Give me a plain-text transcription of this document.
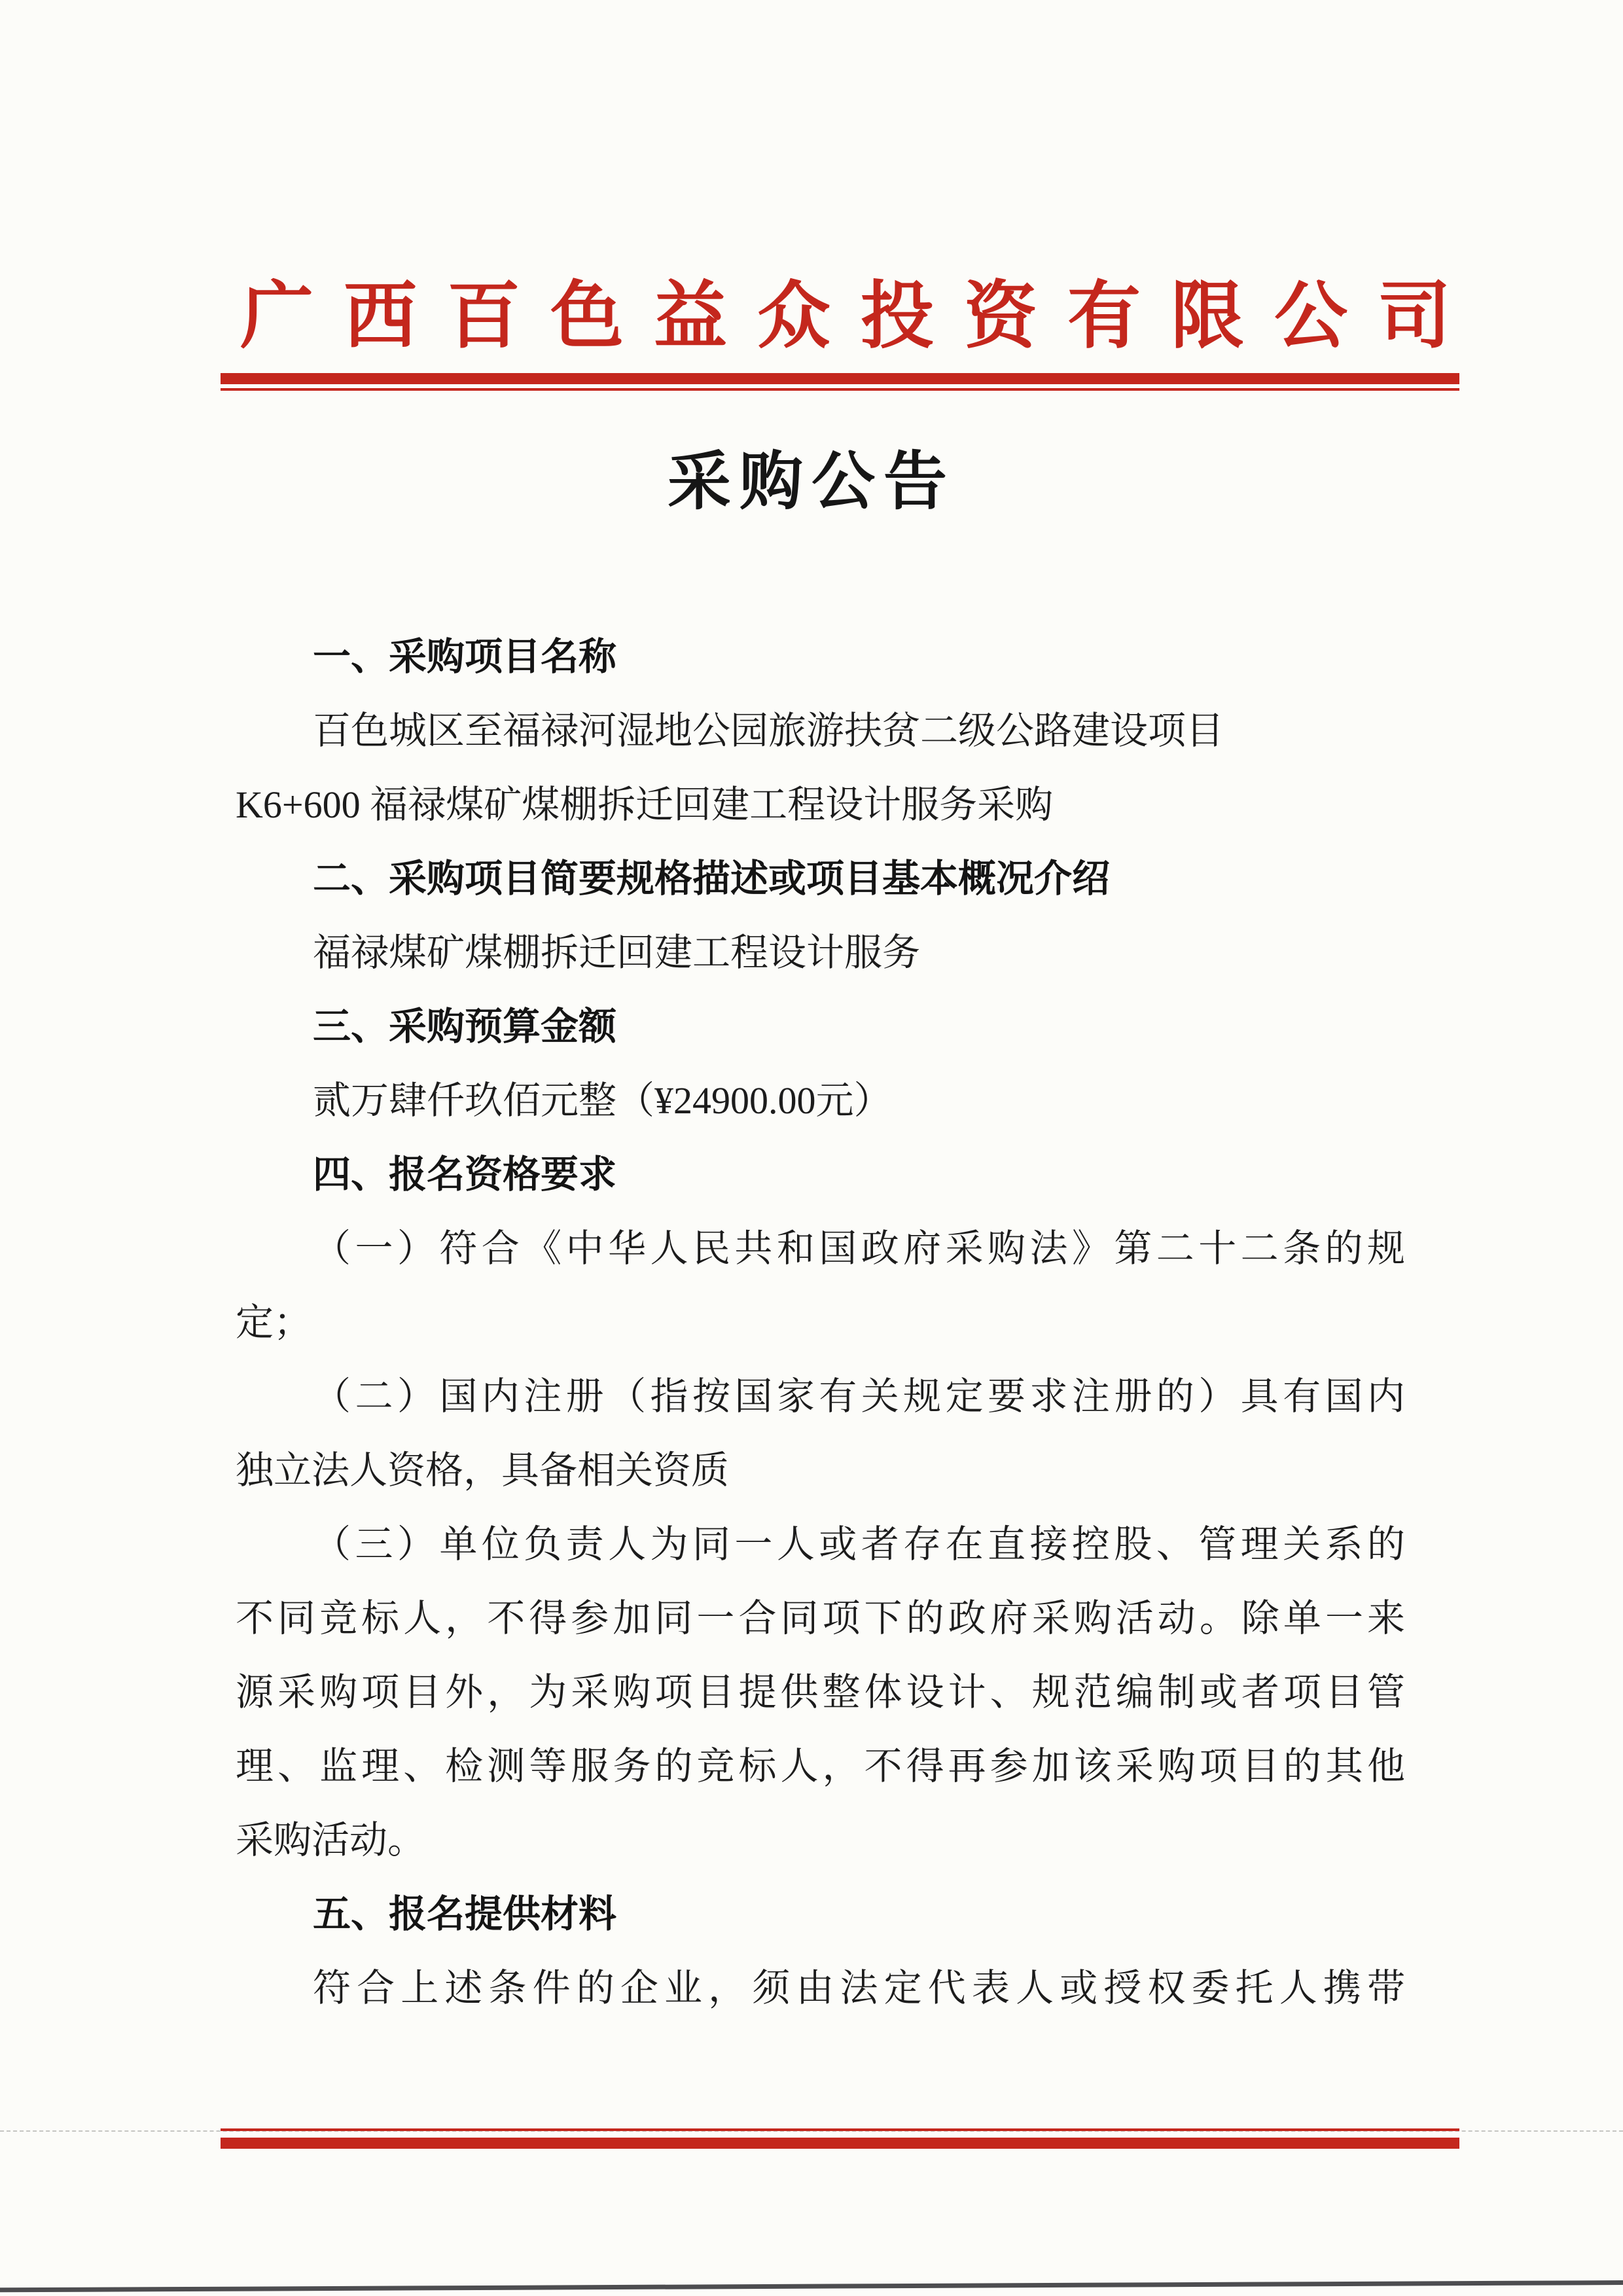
广西百色益众投资有限公司
采购公告
一、采购项目名称
百色城区至福禄河湿地公园旅游扶贫二级公路建设项目
K6+600 福禄煤矿煤棚拆迁回建工程设计服务采购
二、采购项目简要规格描述或项目基本概况介绍
福禄煤矿煤棚拆迁回建工程设计服务
三、采购预算金额
贰万肆仟玖佰元整（¥24900.00元）
四、报名资格要求
（一）符合《中华人民共和国政府采购法》第二十二条的规
定；
（二）国内注册（指按国家有关规定要求注册的）具有国内
独立法人资格，具备相关资质
（三）单位负责人为同一人或者存在直接控股、管理关系的
不同竞标人，不得参加同一合同项下的政府采购活动。除单一来
源采购项目外，为采购项目提供整体设计、规范编制或者项目管
理、监理、检测等服务的竞标人，不得再参加该采购项目的其他
采购活动。
五、报名提供材料
符合上述条件的企业，须由法定代表人或授权委托人携带
